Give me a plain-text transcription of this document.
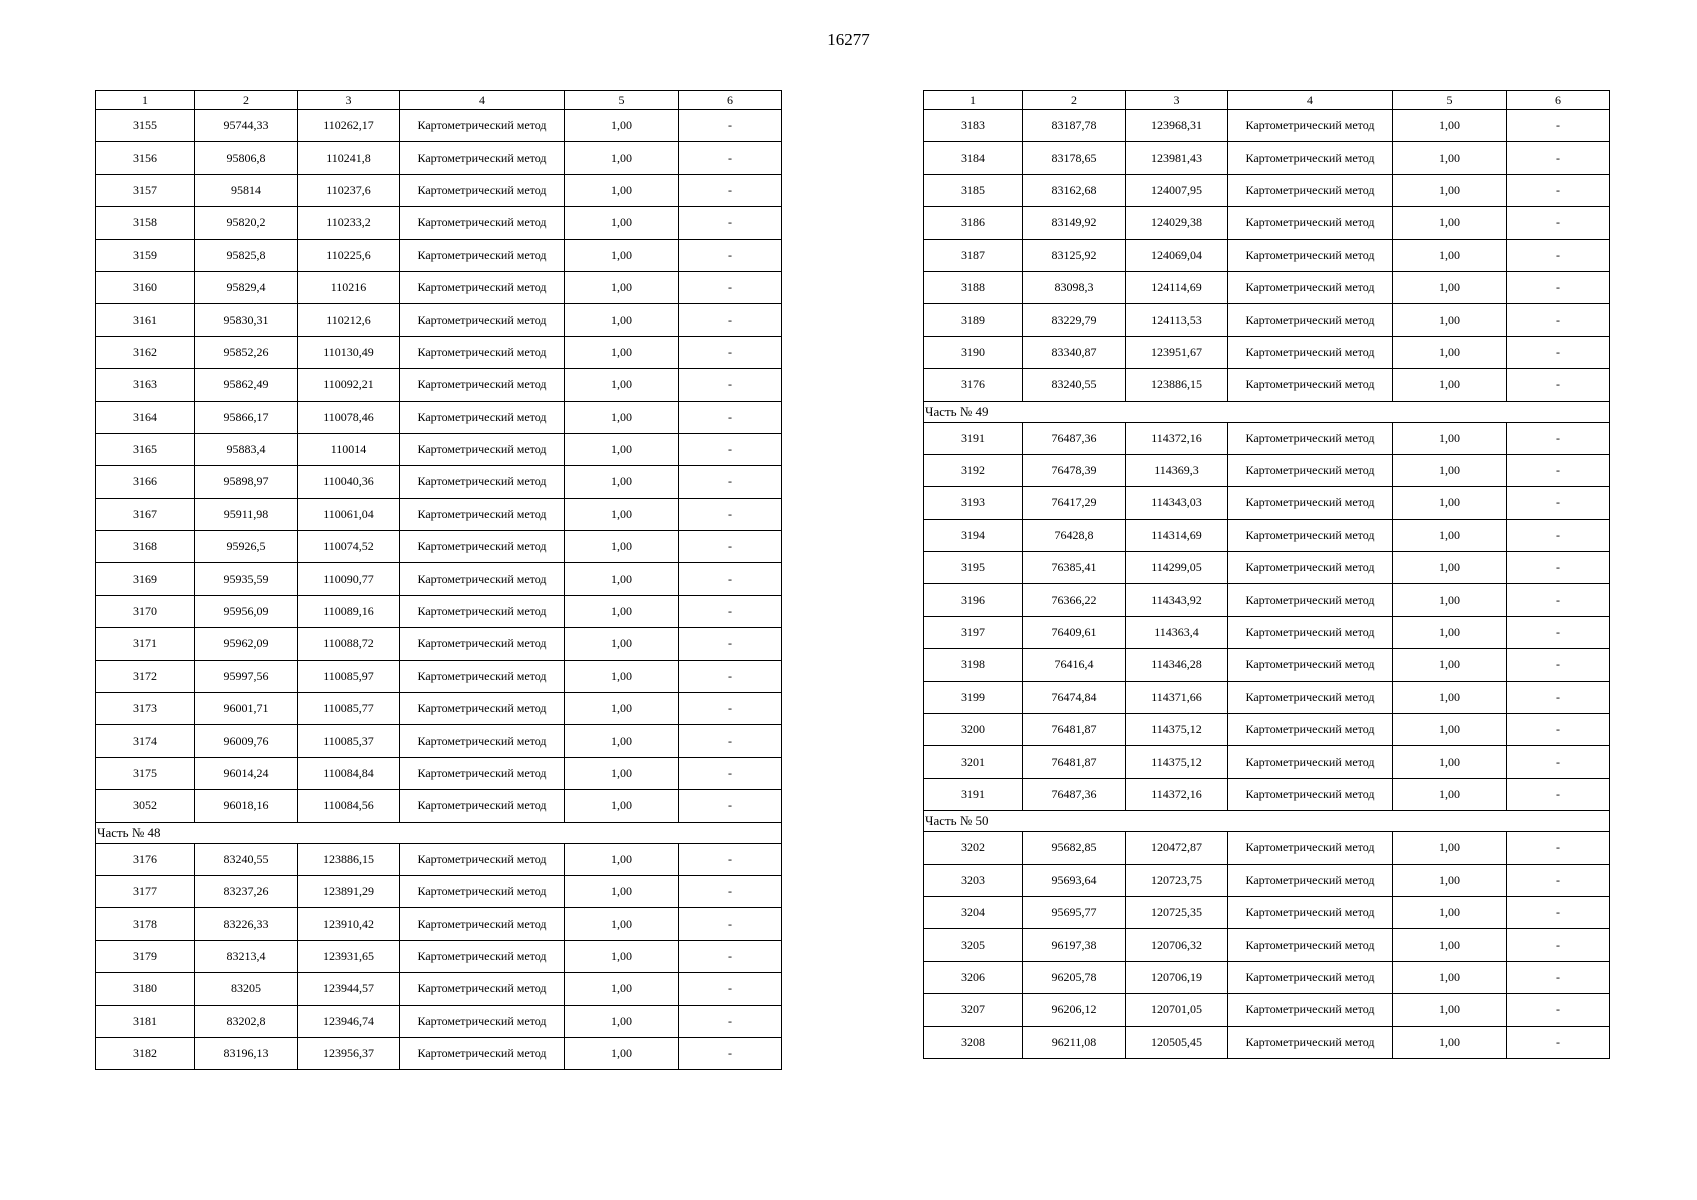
16277
1	2	3	4	5	6
3155	95744,33	110262,17	Картометрический метод	1,00	-
3156	95806,8	110241,8	Картометрический метод	1,00	-
3157	95814	110237,6	Картометрический метод	1,00	-
3158	95820,2	110233,2	Картометрический метод	1,00	-
3159	95825,8	110225,6	Картометрический метод	1,00	-
3160	95829,4	110216	Картометрический метод	1,00	-
3161	95830,31	110212,6	Картометрический метод	1,00	-
3162	95852,26	110130,49	Картометрический метод	1,00	-
3163	95862,49	110092,21	Картометрический метод	1,00	-
3164	95866,17	110078,46	Картометрический метод	1,00	-
3165	95883,4	110014	Картометрический метод	1,00	-
3166	95898,97	110040,36	Картометрический метод	1,00	-
3167	95911,98	110061,04	Картометрический метод	1,00	-
3168	95926,5	110074,52	Картометрический метод	1,00	-
3169	95935,59	110090,77	Картометрический метод	1,00	-
3170	95956,09	110089,16	Картометрический метод	1,00	-
3171	95962,09	110088,72	Картометрический метод	1,00	-
3172	95997,56	110085,97	Картометрический метод	1,00	-
3173	96001,71	110085,77	Картометрический метод	1,00	-
3174	96009,76	110085,37	Картометрический метод	1,00	-
3175	96014,24	110084,84	Картометрический метод	1,00	-
3052	96018,16	110084,56	Картометрический метод	1,00	-
Часть № 48					
3176	83240,55	123886,15	Картометрический метод	1,00	-
3177	83237,26	123891,29	Картометрический метод	1,00	-
3178	83226,33	123910,42	Картометрический метод	1,00	-
3179	83213,4	123931,65	Картометрический метод	1,00	-
3180	83205	123944,57	Картометрический метод	1,00	-
3181	83202,8	123946,74	Картометрический метод	1,00	-
3182	83196,13	123956,37	Картометрический метод	1,00	-
1	2	3	4	5	6
3183	83187,78	123968,31	Картометрический метод	1,00	-
3184	83178,65	123981,43	Картометрический метод	1,00	-
3185	83162,68	124007,95	Картометрический метод	1,00	-
3186	83149,92	124029,38	Картометрический метод	1,00	-
3187	83125,92	124069,04	Картометрический метод	1,00	-
3188	83098,3	124114,69	Картометрический метод	1,00	-
3189	83229,79	124113,53	Картометрический метод	1,00	-
3190	83340,87	123951,67	Картометрический метод	1,00	-
3176	83240,55	123886,15	Картометрический метод	1,00	-
Часть № 49					
3191	76487,36	114372,16	Картометрический метод	1,00	-
3192	76478,39	114369,3	Картометрический метод	1,00	-
3193	76417,29	114343,03	Картометрический метод	1,00	-
3194	76428,8	114314,69	Картометрический метод	1,00	-
3195	76385,41	114299,05	Картометрический метод	1,00	-
3196	76366,22	114343,92	Картометрический метод	1,00	-
3197	76409,61	114363,4	Картометрический метод	1,00	-
3198	76416,4	114346,28	Картометрический метод	1,00	-
3199	76474,84	114371,66	Картометрический метод	1,00	-
3200	76481,87	114375,12	Картометрический метод	1,00	-
3201	76481,87	114375,12	Картометрический метод	1,00	-
3191	76487,36	114372,16	Картометрический метод	1,00	-
Часть № 50					
3202	95682,85	120472,87	Картометрический метод	1,00	-
3203	95693,64	120723,75	Картометрический метод	1,00	-
3204	95695,77	120725,35	Картометрический метод	1,00	-
3205	96197,38	120706,32	Картометрический метод	1,00	-
3206	96205,78	120706,19	Картометрический метод	1,00	-
3207	96206,12	120701,05	Картометрический метод	1,00	-
3208	96211,08	120505,45	Картометрический метод	1,00	-
